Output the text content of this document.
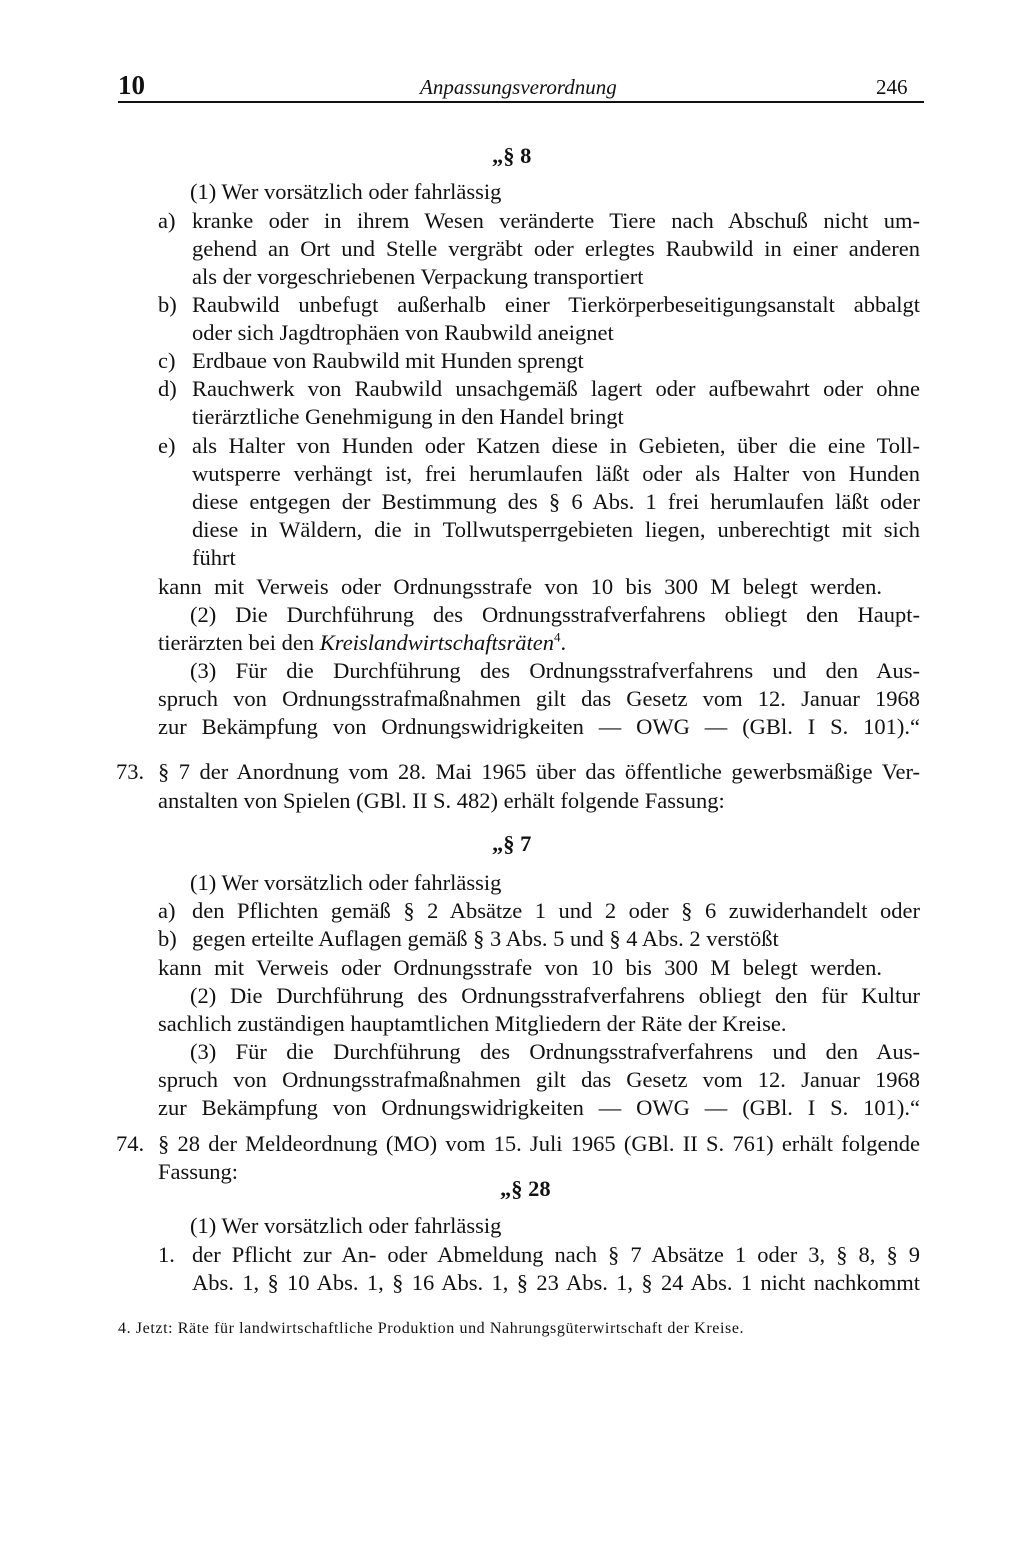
10	Anpassungsverordnung	246
„§ 8
(1) Wer vorsätzlich oder fahrlässig
a) kranke oder in ihrem Wesen veränderte Tiere nach Abschuß nicht um-
gehend an Ort und Stelle vergräbt oder erlegtes Raubwild in einer anderen
als der vorgeschriebenen Verpackung transportiert
b) Raubwild unbefugt außerhalb einer Tierkörperbeseitigungsanstalt abbalgt
oder sich Jagdtrophäen von Raubwild aneignet
c) Erdbaue von Raubwild mit Hunden sprengt
d) Rauchwerk von Raubwild unsachgemäß lagert oder aufbewahrt oder ohne
tierärztliche Genehmigung in den Handel bringt
e) als Halter von Hunden oder Katzen diese in Gebieten, über die eine Toll-
wutsperre verhängt ist, frei herumlaufen läßt oder als Halter von Hunden
diese entgegen der Bestimmung des § 6 Abs. 1 frei herumlaufen läßt oder
diese in Wäldern, die in Tollwutsperrgebieten liegen, unberechtigt mit sich
führt
kann mit Verweis oder Ordnungsstrafe von 10 bis 300 M belegt werden.
(2) Die Durchführung des Ordnungsstrafverfahrens obliegt den Haupt-
tierärzten bei den Kreislandwirtschaftsräten$^4$.
(3) Für die Durchführung des Ordnungsstrafverfahrens und den Aus-
spruch von Ordnungsstrafmaßnahmen gilt das Gesetz vom 12. Januar 1968
zur Bekämpfung von Ordnungswidrigkeiten — OWG — (GBl. I S. 101).“
73. § 7 der Anordnung vom 28. Mai 1965 über das öffentliche gewerbsmäßige Ver-
anstalten von Spielen (GBl. II S. 482) erhält folgende Fassung:
„§ 7
(1) Wer vorsätzlich oder fahrlässig
a) den Pflichten gemäß § 2 Absätze 1 und 2 oder § 6 zuwiderhandelt oder
b) gegen erteilte Auflagen gemäß § 3 Abs. 5 und § 4 Abs. 2 verstößt
kann mit Verweis oder Ordnungsstrafe von 10 bis 300 M belegt werden.
(2) Die Durchführung des Ordnungsstrafverfahrens obliegt den für Kultur
sachlich zuständigen hauptamtlichen Mitgliedern der Räte der Kreise.
(3) Für die Durchführung des Ordnungsstrafverfahrens und den Aus-
spruch von Ordnungsstrafmaßnahmen gilt das Gesetz vom 12. Januar 1968
zur Bekämpfung von Ordnungswidrigkeiten — OWG — (GBl. I S. 101).“
74. § 28 der Meldeordnung (MO) vom 15. Juli 1965 (GBl. II S. 761) erhält folgende
Fassung:
„§ 28
(1) Wer vorsätzlich oder fahrlässig
1. der Pflicht zur An- oder Abmeldung nach § 7 Absätze 1 oder 3, § 8, § 9
Abs. 1, § 10 Abs. 1, § 16 Abs. 1, § 23 Abs. 1, § 24 Abs. 1 nicht nachkommt
4. Jetzt: Räte für landwirtschaftliche Produktion und Nahrungsgüterwirtschaft der Kreise.
